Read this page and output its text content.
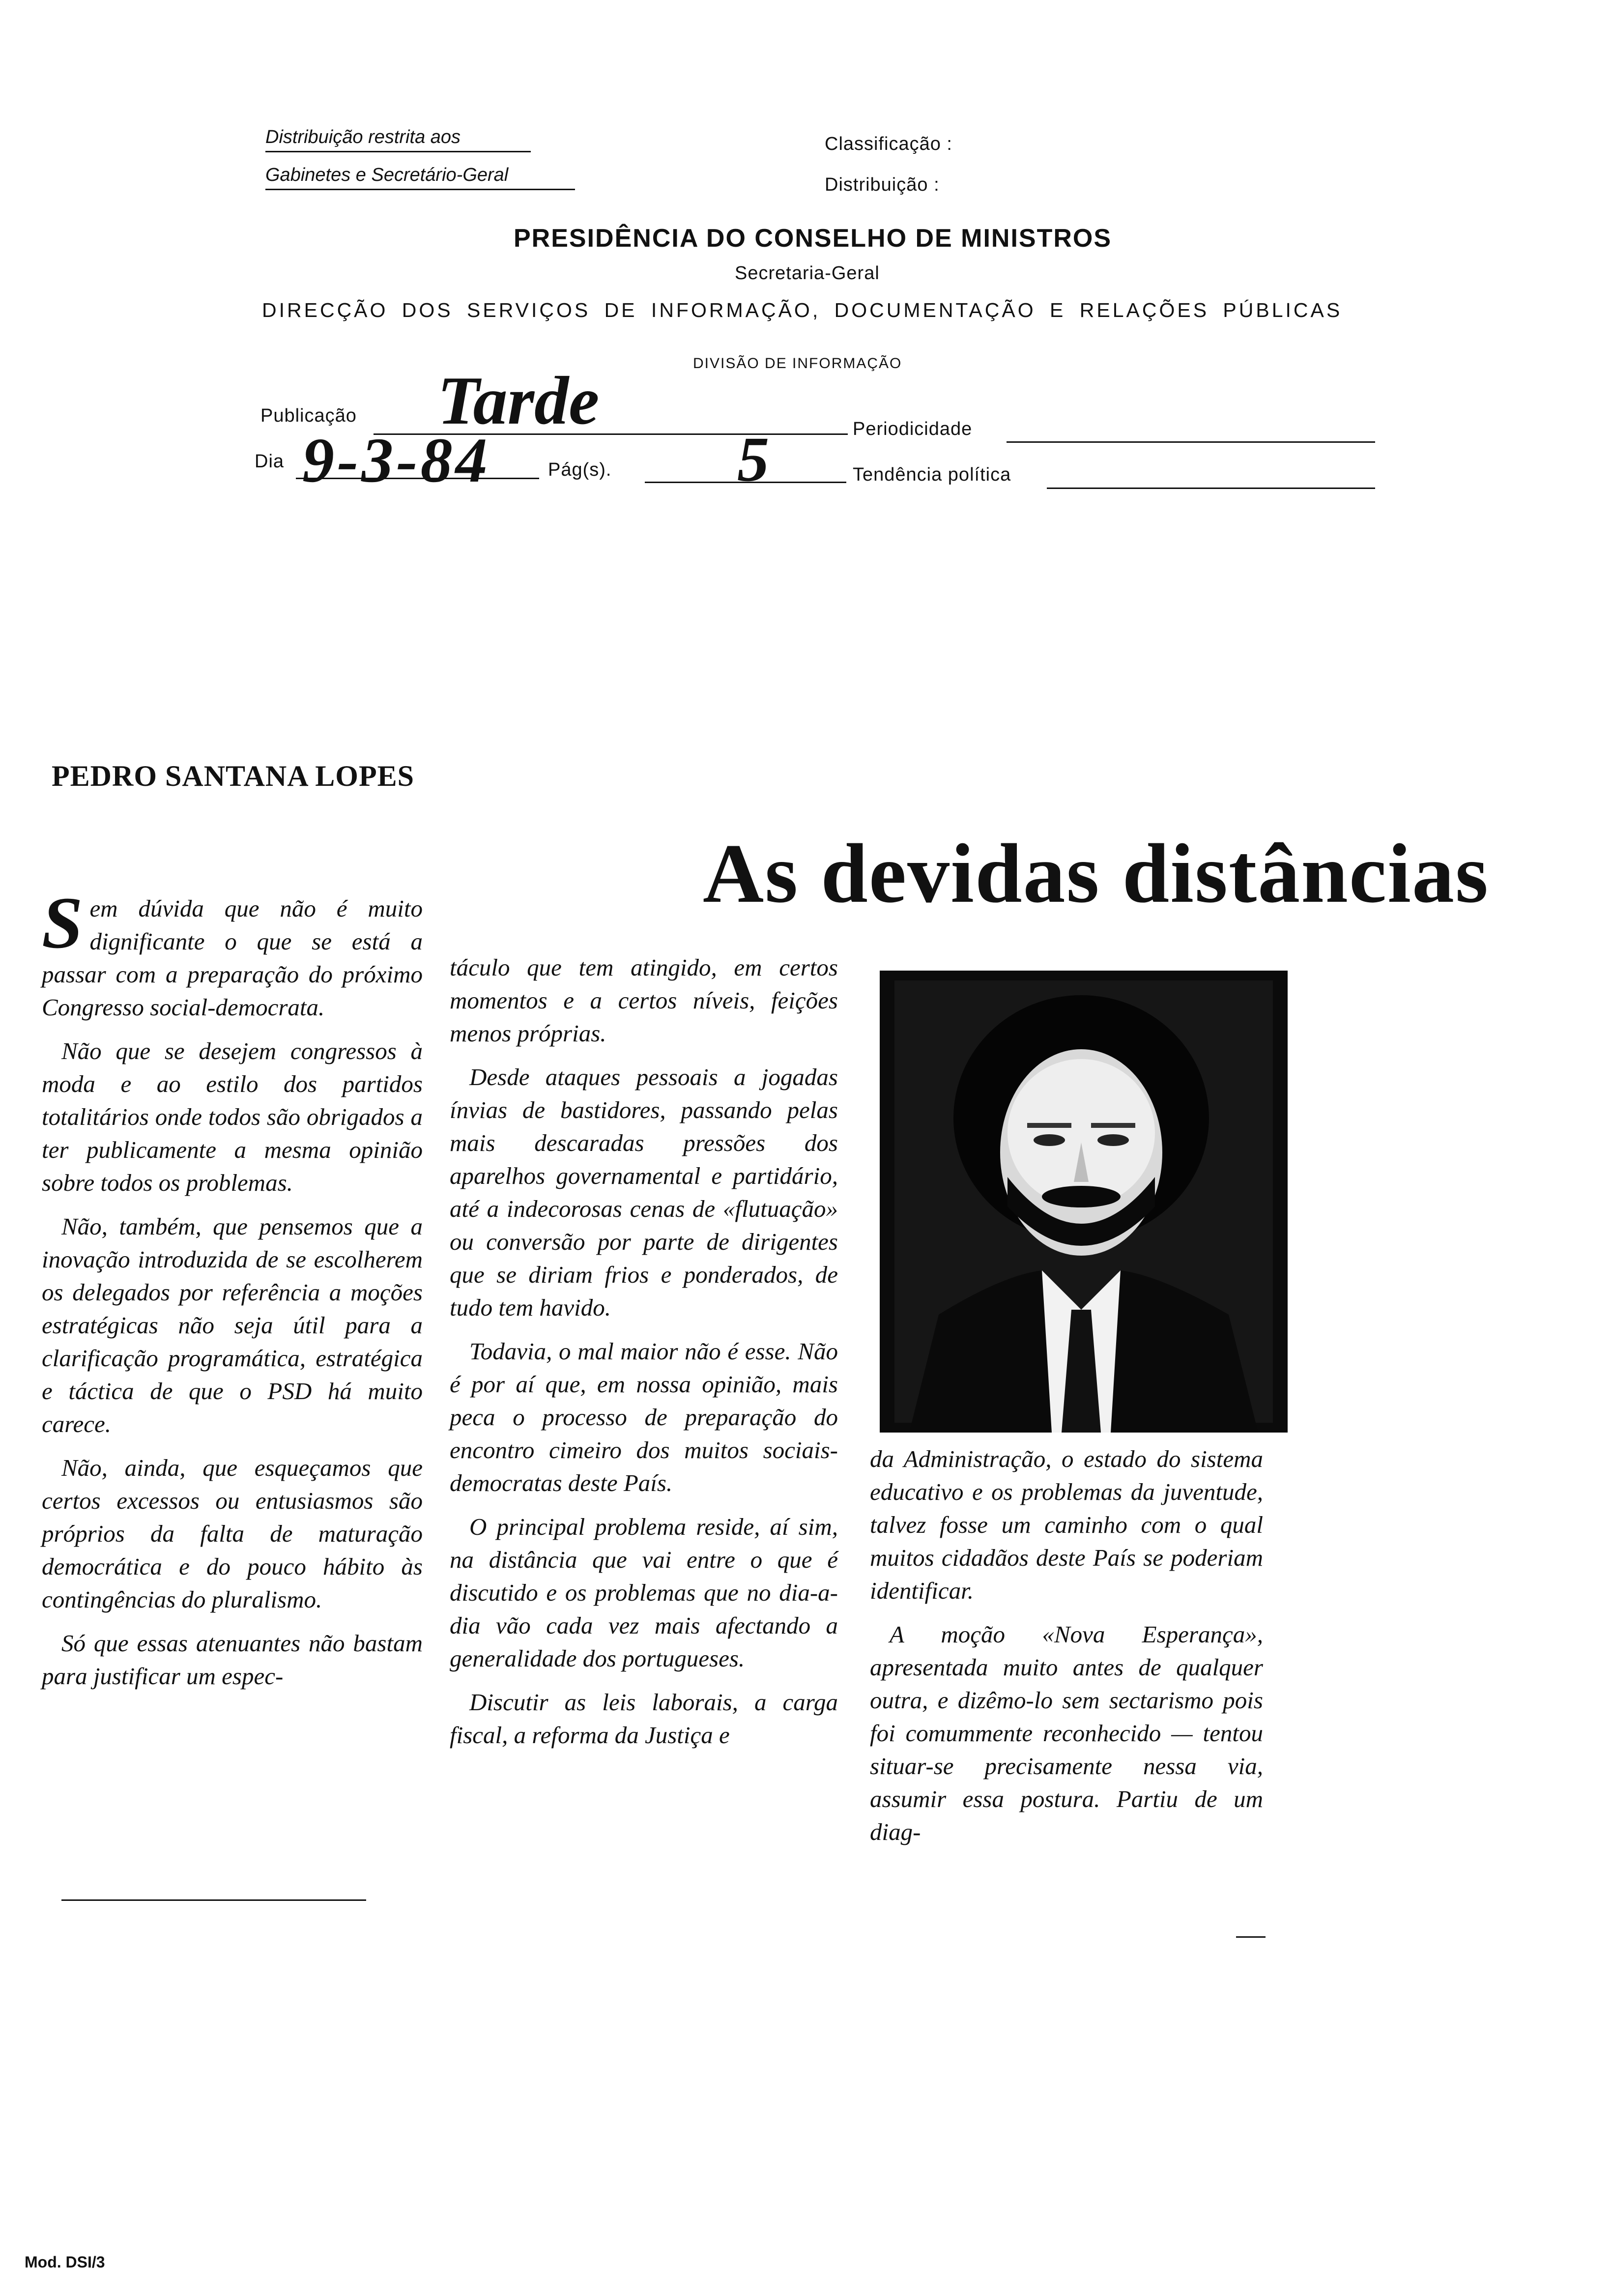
Distribuição restrita aos
Gabinetes e Secretário-Geral
Classificação :
Distribuição :
PRESIDÊNCIA DO CONSELHO DE MINISTROS
Secretaria-Geral
DIRECÇÃO DOS SERVIÇOS DE INFORMAÇÃO, DOCUMENTAÇÃO E RELAÇÕES PÚBLICAS
DIVISÃO DE INFORMAÇÃO
Publicação Tarde	Periodicidade
Dia 9-3-84	Pág(s). 5	Tendência política
PEDRO SANTANA LOPES
As devidas distâncias

Sem dúvida que não é muito dignificante o que se está a passar com a preparação do próximo Congresso social-democrata.

Não que se desejem congressos à moda e ao estilo dos partidos totalitários onde todos são obrigados a ter publicamente a mesma opinião sobre todos os problemas.

Não, também, que pensemos que a inovação introduzida de se escolherem os delegados por referência a moções estratégicas não seja útil para a clarificação programática, estratégica e táctica de que o PSD há muito carece.

Não, ainda, que esqueçamos que certos excessos ou entusiasmos são próprios da falta de maturação democrática e do pouco hábito às contingências do pluralismo.

Só que essas atenuantes não bastam para justificar um espec-

táculo que tem atingido, em certos momentos e a certos níveis, feições menos próprias.

Desde ataques pessoais a jogadas ínvias de bastidores, passando pelas mais descaradas pressões dos aparelhos governamental e partidário, até a indecorosas cenas de «flutuação» ou conversão por parte de dirigentes que se diriam frios e ponderados, de tudo tem havido.

Todavia, o mal maior não é esse. Não é por aí que, em nossa opinião, mais peca o processo de preparação do encontro cimeiro dos muitos sociais-democratas deste País.

O principal problema reside, aí sim, na distância que vai entre o que é discutido e os problemas que no dia-a-dia vão cada vez mais afectando a generalidade dos portugueses.

Discutir as leis laborais, a carga fiscal, a reforma da Justiça e

da Administração, o estado do sistema educativo e os problemas da juventude, talvez fosse um caminho com o qual muitos cidadãos deste País se poderiam identificar.

A moção «Nova Esperança», apresentada muito antes de qualquer outra, e dizêmo-lo sem sectarismo pois foi comummente reconhecido — tentou situar-se precisamente nessa via, assumir essa postura. Partiu de um diag-

Mod. DSI/3
